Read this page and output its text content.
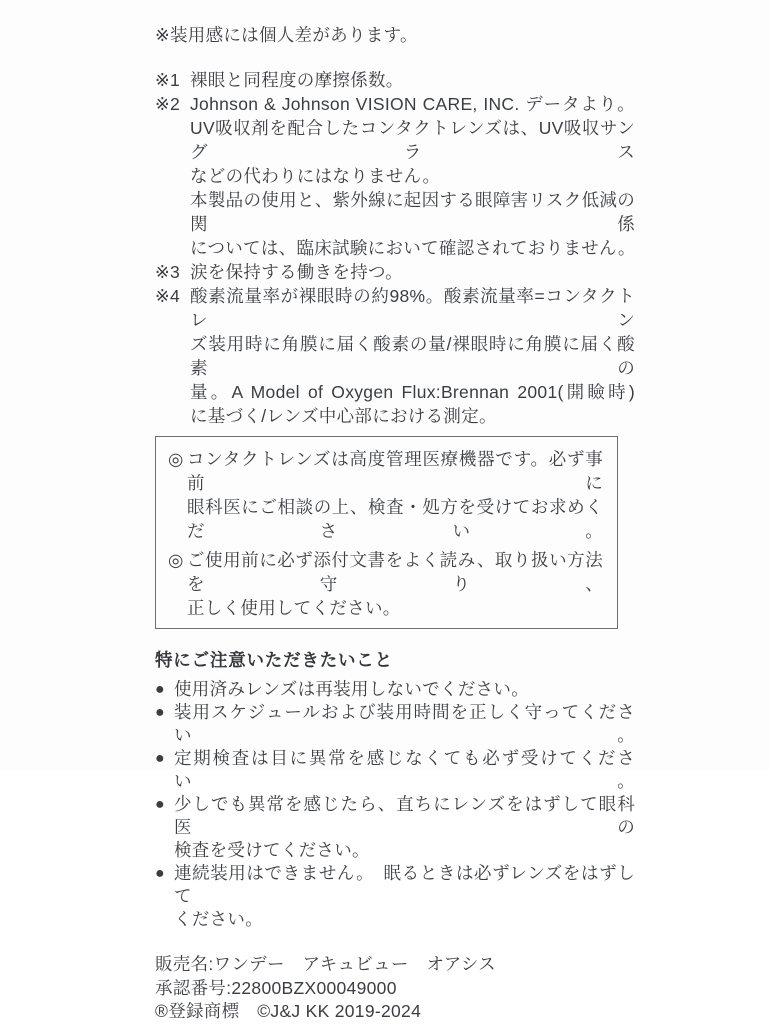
※装用感には個人差があります。
※1 裸眼と同程度の摩擦係数。
※2 Johnson & Johnson VISION CARE, INC. データより。
UV吸収剤を配合したコンタクトレンズは、UV吸収サングラス
などの代わりにはなりません。
本製品の使用と、紫外線に起因する眼障害リスク低減の関係
については、臨床試験において確認されておりません。
※3 涙を保持する働きを持つ。
※4 酸素流量率が裸眼時の約98%。酸素流量率=コンタクトレン
ズ装用時に角膜に届く酸素の量/裸眼時に角膜に届く酸素の
量。A Model of Oxygen Flux:Brennan 2001(開瞼時)
に基づく/レンズ中心部における測定。
◎ コンタクトレンズは高度管理医療機器です。必ず事前に
眼科医にご相談の上、検査・処方を受けてお求めください。
◎ ご使用前に必ず添付文書をよく読み、取り扱い方法を守り、
正しく使用してください。
特にご注意いただきたいこと
● 使用済みレンズは再装用しないでください。
● 装用スケジュールおよび装用時間を正しく守ってください。
● 定期検査は目に異常を感じなくても必ず受けてください。
● 少しでも異常を感じたら、直ちにレンズをはずして眼科医の
検査を受けてください。
● 連続装用はできません。　眠るときは必ずレンズをはずして
ください。
販売名:ワンデー　アキュビュー　オアシス
承認番号:22800BZX00049000
®登録商標　©J&J KK 2019-2024
